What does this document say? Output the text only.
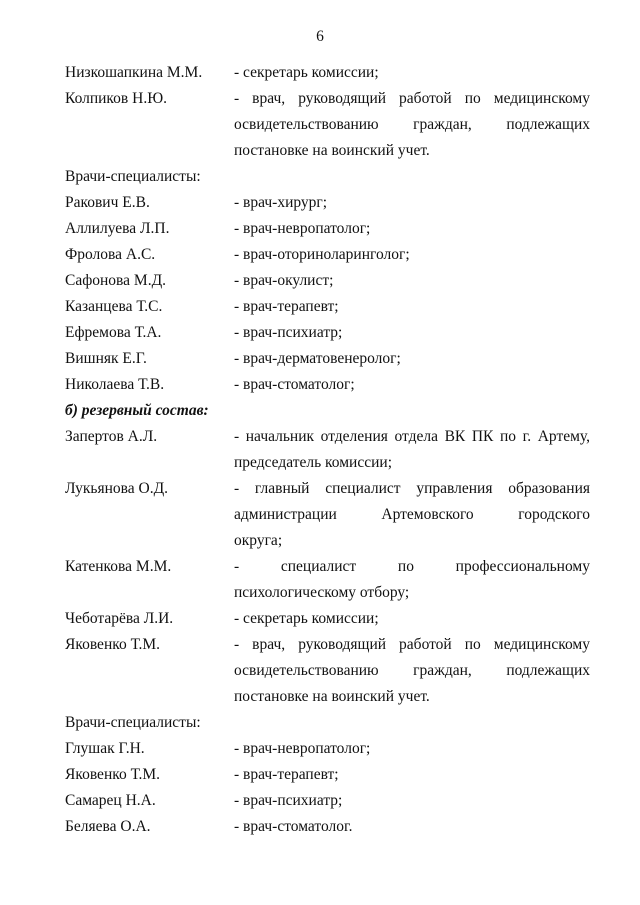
6
Низкошапкина М.М.	- секретарь комиссии;
Колпиков Н.Ю.	- врач, руководящий работой по медицинскому
освидетельствованию граждан, подлежащих
постановке на воинский учет.
Врачи-специалисты:
Ракович Е.В.	- врач-хирург;
Аллилуева Л.П.	- врач-невропатолог;
Фролова А.С.	- врач-оториноларинголог;
Сафонова М.Д.	- врач-окулист;
Казанцева Т.С.	- врач-терапевт;
Ефремова Т.А.	- врач-психиатр;
Вишняк Е.Г.	- врач-дерматовенеролог;
Николаева Т.В.	- врач-стоматолог;
б) резервный состав:
Запертов А.Л.	- начальник отделения отдела ВК ПК по г. Артему,
председатель комиссии;
Лукьянова О.Д.	- главный специалист управления образования
администрации Артемовского городского
округа;
Катенкова М.М.	- специалист по профессиональному
психологическому отбору;
Чеботарёва Л.И.	- секретарь комиссии;
Яковенко Т.М.	- врач, руководящий работой по медицинскому
освидетельствованию граждан, подлежащих
постановке на воинский учет.
Врачи-специалисты:
Глушак Г.Н.	- врач-невропатолог;
Яковенко Т.М.	- врач-терапевт;
Самарец Н.А.	- врач-психиатр;
Беляева О.А.	- врач-стоматолог.
